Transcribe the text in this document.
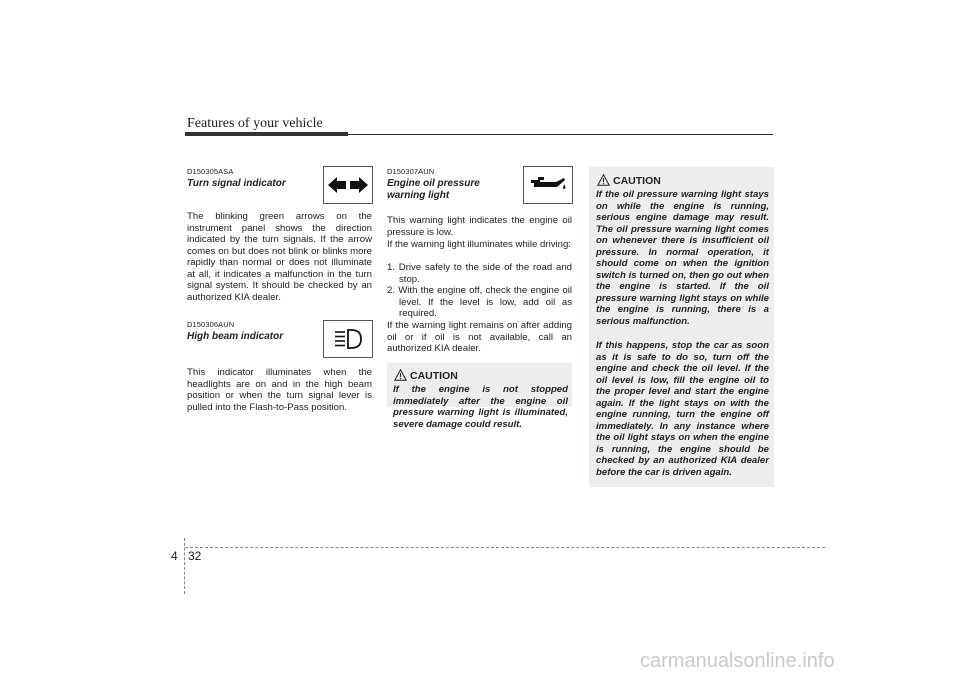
Features of your vehicle
D150305ASA
Turn signal indicator
The blinking green arrows on the instrument panel shows the direction indicated by the turn signals. If the arrow comes on but does not blink or blinks more rapidly than normal or does not illuminate at all, it indicates a malfunction in the turn signal system. It should be checked by an authorized KIA dealer.
D150306AUN
High beam indicator
This indicator illuminates when the headlights are on and in the high beam position or when the turn signal lever is pulled into the Flash-to-Pass position.
D150307AUN
Engine oil pressure
warning light
This warning light indicates the engine oil pressure is low.
If the warning light illuminates while driving:
1. Drive safely to the side of the road and stop.
2. With the engine off, check the engine oil level. If the level is low, add oil as required.
If the warning light remains on after adding oil or if oil is not available, call an authorized KIA dealer.
CAUTION
If the engine is not stopped immediately after the engine oil pressure warning light is illuminated, severe damage could result.
CAUTION
If the oil pressure warning light stays on while the engine is running, serious engine damage may result. The oil pressure warning light comes on whenever there is insufficient oil pressure. In normal operation, it should come on when the ignition switch is turned on, then go out when the engine is started. If the oil pressure warning light stays on while the engine is running, there is a serious malfunction.
If this happens, stop the car as soon as it is safe to do so, turn off the engine and check the oil level. If the oil level is low, fill the engine oil to the proper level and start the engine again. If the light stays on with the engine running, turn the engine off immediately. In any instance where the oil light stays on when the engine is running, the engine should be checked by an authorized KIA dealer before the car is driven again.
4 32
carmanualsonline.info
